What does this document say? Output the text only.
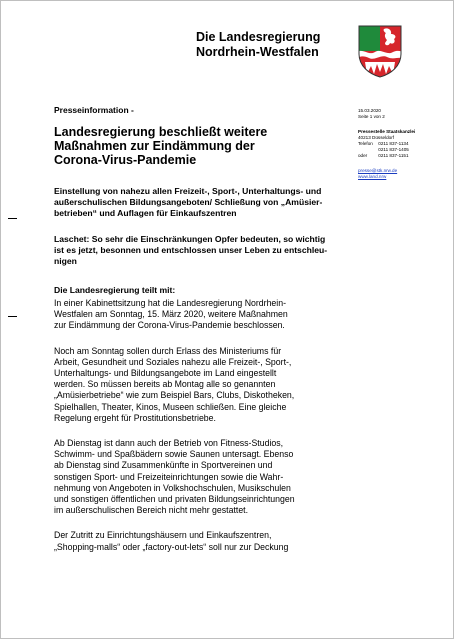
Die Landesregierung
Nordrhein-Westfalen
Presseinformation -
Landesregierung beschließt weitere
Maßnahmen zur Eindämmung der
Corona-Virus-Pandemie
Einstellung von nahezu allen Freizeit-, Sport-, Unterhaltungs- und
außerschulischen Bildungsangeboten/ Schließung von „Amüsier-
betrieben“ und Auflagen für Einkaufszentren
Laschet: So sehr die Einschränkungen Opfer bedeuten, so wichtig
ist es jetzt, besonnen und entschlossen unser Leben zu entschleu-
nigen
Die Landesregierung teilt mit:

In einer Kabinettsitzung hat die Landesregierung Nordrhein-
Westfalen am Sonntag, 15. März 2020, weitere Maßnahmen
zur Eindämmung der Corona-Virus-Pandemie beschlossen.

Noch am Sonntag sollen durch Erlass des Ministeriums für
Arbeit, Gesundheit und Soziales nahezu alle Freizeit-, Sport-,
Unterhaltungs- und Bildungsangebote im Land eingestellt
werden. So müssen bereits ab Montag alle so genannten
„Amüsierbetriebe“ wie zum Beispiel Bars, Clubs, Diskotheken,
Spielhallen, Theater, Kinos, Museen schließen. Eine gleiche
Regelung ergeht für Prostitutionsbetriebe.

Ab Dienstag ist dann auch der Betrieb von Fitness-Studios,
Schwimm- und Spaßbädern sowie Saunen untersagt. Ebenso
ab Dienstag sind Zusammenkünfte in Sportvereinen und
sonstigen Sport- und Freizeiteinrichtungen sowie die Wahr-
nehmung von Angeboten in Volkshochschulen, Musikschulen
und sonstigen öffentlichen und privaten Bildungseinrichtungen
im außerschulischen Bereich nicht mehr gestattet.

Der Zutritt zu Einrichtungshäusern und Einkaufszentren,
„Shopping-malls“ oder „factory-out-lets“ soll nur zur Deckung

15.03.2020
Seite 1 von 2
Pressestelle Staatskanzlei
40213 Düsseldorf
Telefon 0211 837-1134
0211 837-1405
oder 0211 837-1151
presse@stk.nrw.de
www.land.nrw
